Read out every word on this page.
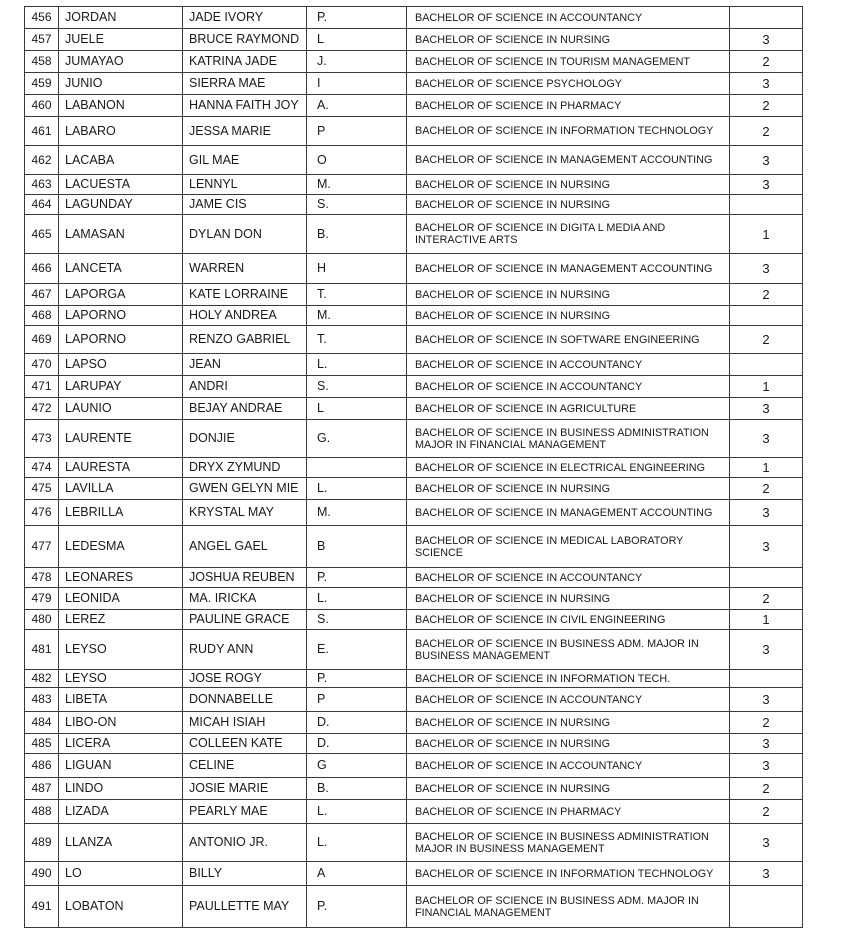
456	JORDAN	JADE IVORY	P.	BACHELOR OF SCIENCE IN ACCOUNTANCY	
457	JUELE	BRUCE RAYMOND	L	BACHELOR OF SCIENCE IN NURSING	3
458	JUMAYAO	KATRINA JADE	J.	BACHELOR OF SCIENCE IN TOURISM MANAGEMENT	2
459	JUNIO	SIERRA MAE	I	BACHELOR OF SCIENCE PSYCHOLOGY	3
460	LABANON	HANNA FAITH JOY	A.	BACHELOR OF SCIENCE IN PHARMACY	2
461	LABARO	JESSA MARIE	P	BACHELOR OF SCIENCE IN INFORMATION TECHNOLOGY	2
462	LACABA	GIL MAE	O	BACHELOR OF SCIENCE IN MANAGEMENT ACCOUNTING	3
463	LACUESTA	LENNYL	M.	BACHELOR OF SCIENCE IN NURSING	3
464	LAGUNDAY	JAME CIS	S.	BACHELOR OF SCIENCE IN NURSING	
465	LAMASAN	DYLAN DON	B.	BACHELOR OF SCIENCE IN DIGITA L MEDIA AND INTERACTIVE ARTS	1
466	LANCETA	WARREN	H	BACHELOR OF SCIENCE IN MANAGEMENT ACCOUNTING	3
467	LAPORGA	KATE LORRAINE	T.	BACHELOR OF SCIENCE IN NURSING	2
468	LAPORNO	HOLY ANDREA	M.	BACHELOR OF SCIENCE IN NURSING	
469	LAPORNO	RENZO GABRIEL	T.	BACHELOR OF SCIENCE IN SOFTWARE ENGINEERING	2
470	LAPSO	JEAN	L.	BACHELOR OF SCIENCE IN ACCOUNTANCY	
471	LARUPAY	ANDRI	S.	BACHELOR OF SCIENCE IN ACCOUNTANCY	1
472	LAUNIO	BEJAY ANDRAE	L	BACHELOR OF SCIENCE IN AGRICULTURE	3
473	LAURENTE	DONJIE	G.	BACHELOR OF SCIENCE IN BUSINESS ADMINISTRATION MAJOR IN FINANCIAL MANAGEMENT	3
474	LAURESTA	DRYX ZYMUND		BACHELOR OF SCIENCE IN ELECTRICAL ENGINEERING	1
475	LAVILLA	GWEN GELYN MIE	L.	BACHELOR OF SCIENCE IN NURSING	2
476	LEBRILLA	KRYSTAL MAY	M.	BACHELOR OF SCIENCE IN MANAGEMENT ACCOUNTING	3
477	LEDESMA	ANGEL GAEL	B	BACHELOR OF SCIENCE IN MEDICAL LABORATORY SCIENCE	3
478	LEONARES	JOSHUA REUBEN	P.	BACHELOR OF SCIENCE IN ACCOUNTANCY	
479	LEONIDA	MA. IRICKA	L.	BACHELOR OF SCIENCE IN NURSING	2
480	LEREZ	PAULINE GRACE	S.	BACHELOR OF SCIENCE IN CIVIL ENGINEERING	1
481	LEYSO	RUDY ANN	E.	BACHELOR OF SCIENCE IN BUSINESS ADM. MAJOR IN BUSINESS MANAGEMENT	3
482	LEYSO	JOSE ROGY	P.	BACHELOR OF SCIENCE IN INFORMATION TECH.	
483	LIBETA	DONNABELLE	P	BACHELOR OF SCIENCE IN ACCOUNTANCY	3
484	LIBO-ON	MICAH ISIAH	D.	BACHELOR OF SCIENCE IN NURSING	2
485	LICERA	COLLEEN KATE	D.	BACHELOR OF SCIENCE IN NURSING	3
486	LIGUAN	CELINE	G	BACHELOR OF SCIENCE IN ACCOUNTANCY	3
487	LINDO	JOSIE MARIE	B.	BACHELOR OF SCIENCE IN NURSING	2
488	LIZADA	PEARLY MAE	L.	BACHELOR OF SCIENCE IN PHARMACY	2
489	LLANZA	ANTONIO JR.	L.	BACHELOR OF SCIENCE IN BUSINESS ADMINISTRATION MAJOR IN BUSINESS MANAGEMENT	3
490	LO	BILLY	A	BACHELOR OF SCIENCE IN INFORMATION TECHNOLOGY	3
491	LOBATON	PAULLETTE MAY	P.	BACHELOR OF SCIENCE IN BUSINESS ADM. MAJOR IN FINANCIAL MANAGEMENT	
